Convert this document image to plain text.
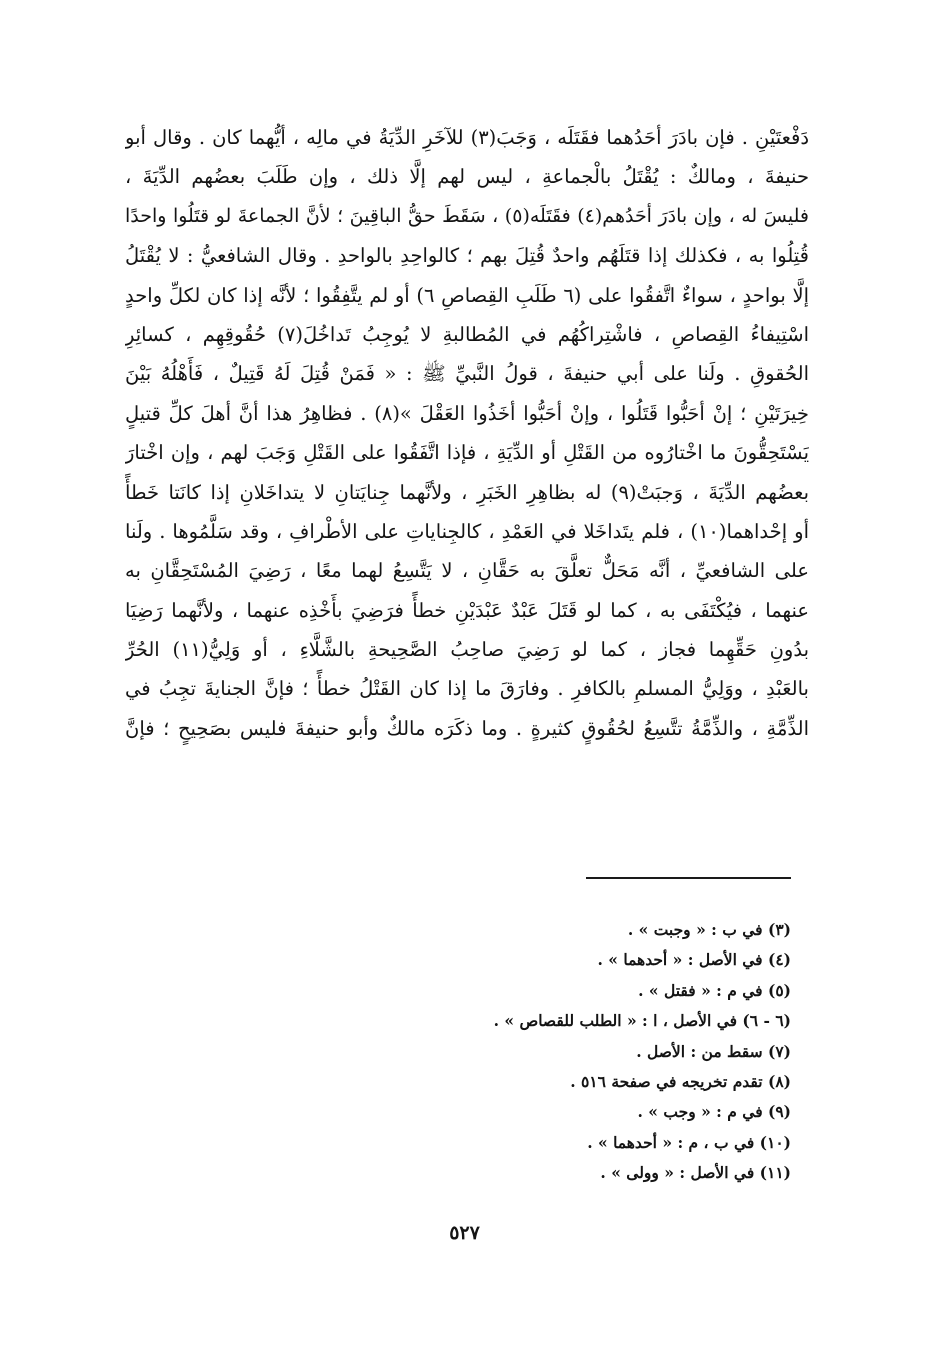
دَفْعتَيْنِ . فإن بادَرَ أحَدُهما فقَتَلَه ، وَجَبَ(٣) للآخَرِ الدِّيَةُ في مالِه ، أيُّهما كان . وقال أبو
حنيفةَ ، ومالكٌ : يُقْتَلُ بالْجماعةِ ، ليس لهم إلَّا ذلك ، وإن طَلَبَ بعضُهم الدِّيَةَ ،
فليسَ له ، وإن بادَرَ أحَدُهم(٤) فقَتَلَه(٥) ، سَقَطَ حقُّ الباقِينَ ؛ لأنَّ الجماعةَ لو قتَلُوا واحدًا
قُتِلُوا به ، فكذلك إذا قتَلَهُم واحدٌ قُتِلَ بهم ؛ كالواحِدِ بالواحدِ . وقال الشافعيُّ : لا يُقْتَلُ
إلَّا بواحدٍ ، سواءٌ اتَّفقُوا على (٦ طَلَبِ القِصاصِ ٦) أو لم يتَّفِقُوا ؛ لأنَّه إذا كان لكلِّ واحدٍ
اسْتِيفاءُ القِصاصِ ، فاشْتِراكُهُم في المُطالبةِ لا يُوجِبُ تَداخُلَ(٧) حُقُوقِهِم ، كسائِرِ
الحُقوقِ . ولَنا على أبي حنيفةَ ، قولُ النَّبيِّ ﷺ : « فَمَنْ قُتِلَ لَهُ قَتِيلٌ ، فَأَهْلُهُ بَيْنَ
خِيرَتَيْنِ ؛ إنْ أحَبُّوا قَتَلُوا ، وإنْ أحَبُّوا أخَذُوا العَقْلَ »(٨) . فظاهِرُ هذا أنَّ أهلَ كلِّ قتيلٍ
يَسْتَحِقُّونَ ما اخْتارُوه من القَتْلِ أو الدِّيَةِ ، فإذا اتَّفَقُوا على القَتْلِ وَجَبَ لهم ، وإن اخْتارَ
بعضُهم الدِّيَةَ ، وَجبَتْ(٩) له بظاهِرِ الخَبَرِ ، ولأنَّهما جِنايَتانِ لا يتداخَلانِ إذا كانَتا خَطأً
أو إحْداهما(١٠) ، فلم يتَداخَلا في العَمْدِ ، كالجِناياتِ على الأطْرافِ ، وقد سَلَّمُوها . ولَنا
على الشافعيِّ ، أنَّه مَحَلٌّ تعلَّقَ به حَقَّانِ ، لا يَتَّسِعُ لهما معًا ، رَضِيَ المُسْتَحِقَّانِ به
عنهما ، فيُكْتَفَى به ، كما لو قَتَلَ عَبْدٌ عَبْدَيْنِ خطأً فرَضِيَ بأَخْذِه عنهما ، ولأنَّهما رَضِيَا
بدُونِ حَقِّهِما فجاز ، كما لو رَضِيَ صاحِبُ الصَّحِيحةِ بالشَّلَّاءِ ، أو وَلِيُّ(١١) الحُرِّ
بالعَبْدِ ، ووَلِيُّ المسلمِ بالكافرِ . وفارَقَ ما إذا كان القَتْلُ خطأً ؛ فإنَّ الجنايةَ تجِبُ في
الذِّمَّةِ ، والذِّمَّةُ تتَّسِعُ لحُقُوقٍ كثيرةٍ . وما ذكَرَه مالكٌ وأبو حنيفةَ فليس بصَحِيحٍ ؛ فإنَّ
(٣) في ب : « وجبت » .
(٤) في الأصل : « أحدهما » .
(٥) في م : « فقتل » .
(٦ - ٦) في الأصل ، ا : « الطلب للقصاص » .
(٧) سقط من : الأصل .
(٨) تقدم تخريجه في صفحة ٥١٦ .
(٩) في م : « وجب » .
(١٠) في ب ، م : « أحدهما » .
(١١) في الأصل : « وولى » .
٥٢٧
